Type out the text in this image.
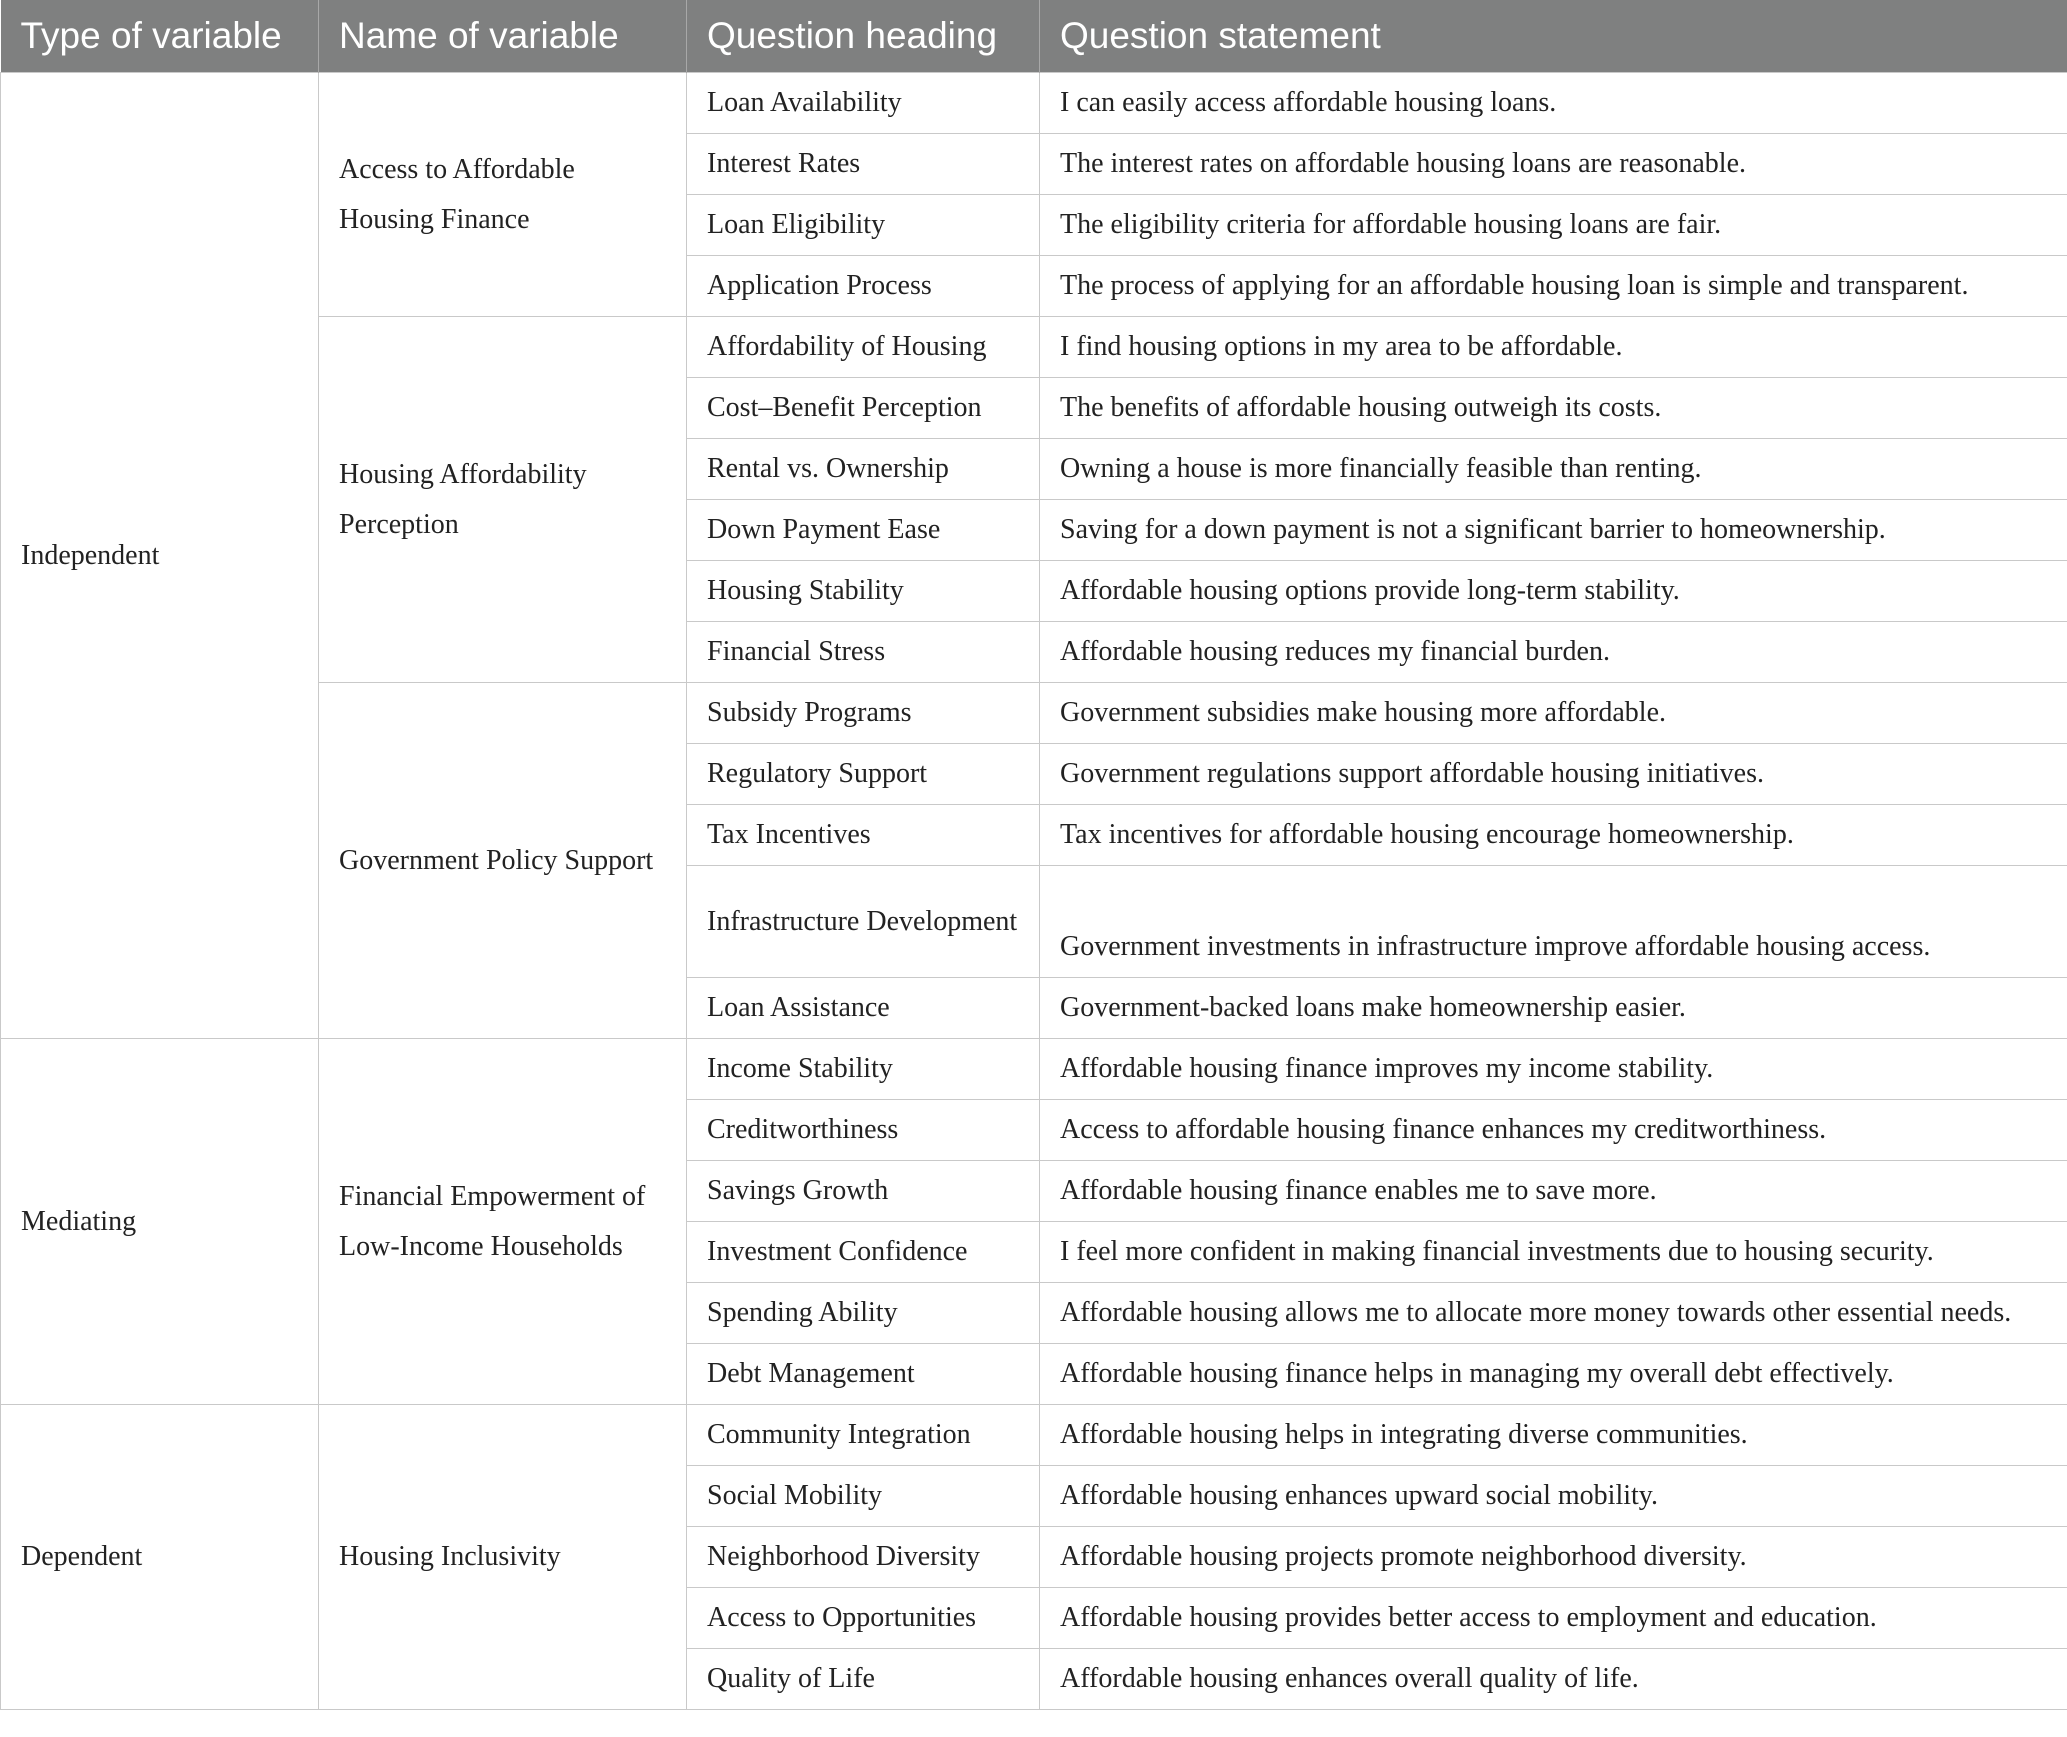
Type of variable	Name of variable	Question heading	Question statement
Independent	Access to Affordable Housing Finance	Loan Availability	I can easily access affordable housing loans.
		Interest Rates	The interest rates on affordable housing loans are reasonable.
		Loan Eligibility	The eligibility criteria for affordable housing loans are fair.
		Application Process	The process of applying for an affordable housing loan is simple and transparent.
	Housing Affordability Perception	Affordability of Housing	I find housing options in my area to be affordable.
		Cost–Benefit Perception	The benefits of affordable housing outweigh its costs.
		Rental vs. Ownership	Owning a house is more financially feasible than renting.
		Down Payment Ease	Saving for a down payment is not a significant barrier to homeownership.
		Housing Stability	Affordable housing options provide long-term stability.
		Financial Stress	Affordable housing reduces my financial burden.
	Government Policy Support	Subsidy Programs	Government subsidies make housing more affordable.
		Regulatory Support	Government regulations support affordable housing initiatives.
		Tax Incentives	Tax incentives for affordable housing encourage homeownership.
		Infrastructure Development	Government investments in infrastructure improve affordable housing access.
		Loan Assistance	Government-backed loans make homeownership easier.
Mediating	Financial Empowerment of Low-Income Households	Income Stability	Affordable housing finance improves my income stability.
		Creditworthiness	Access to affordable housing finance enhances my creditworthiness.
		Savings Growth	Affordable housing finance enables me to save more.
		Investment Confidence	I feel more confident in making financial investments due to housing security.
		Spending Ability	Affordable housing allows me to allocate more money towards other essential needs.
		Debt Management	Affordable housing finance helps in managing my overall debt effectively.
Dependent	Housing Inclusivity	Community Integration	Affordable housing helps in integrating diverse communities.
		Social Mobility	Affordable housing enhances upward social mobility.
		Neighborhood Diversity	Affordable housing projects promote neighborhood diversity.
		Access to Opportunities	Affordable housing provides better access to employment and education.
		Quality of Life	Affordable housing enhances overall quality of life.
